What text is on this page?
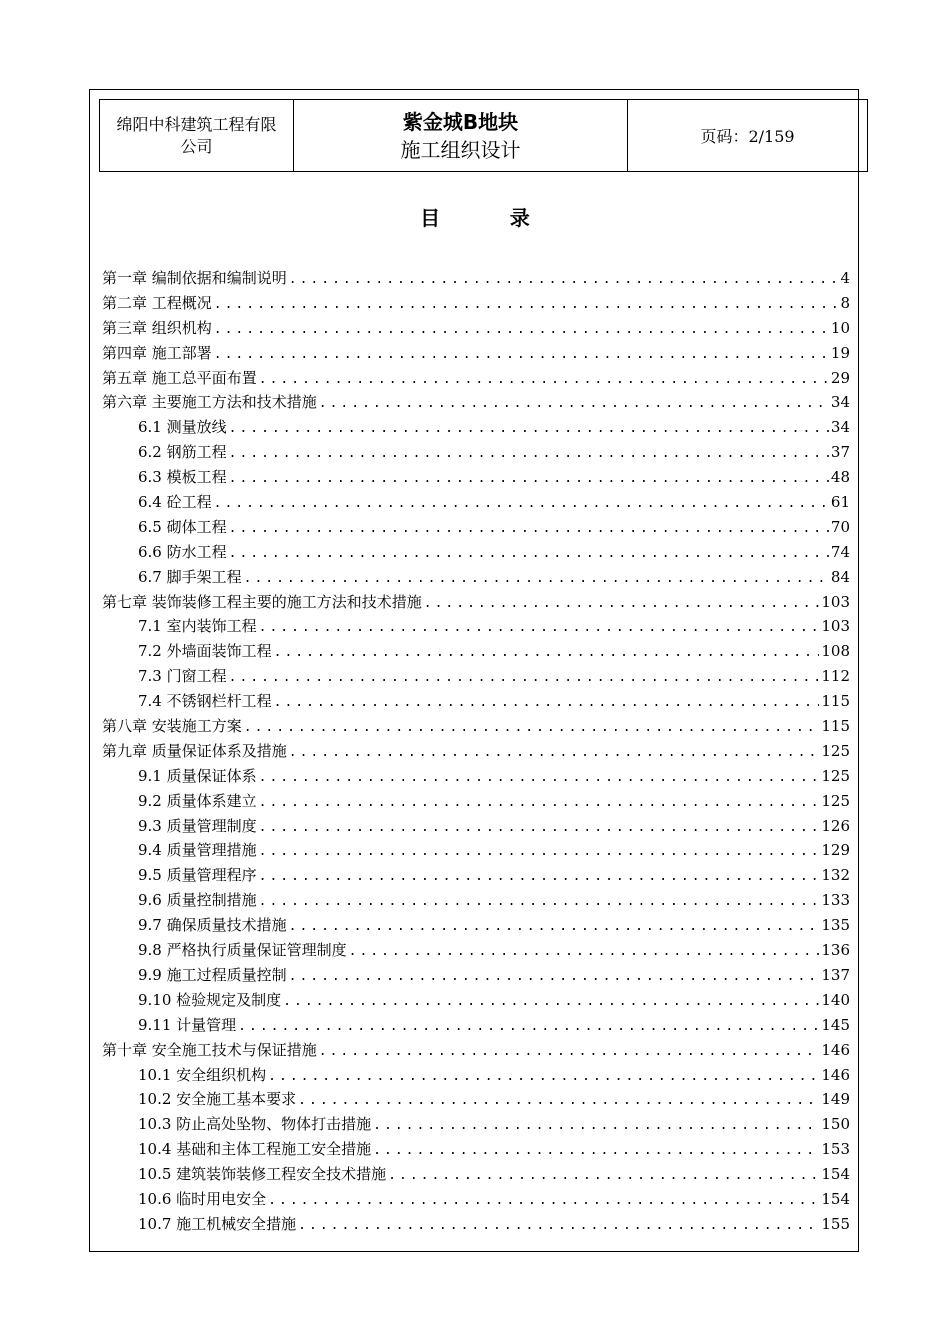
绵阳中科建筑工程有限公司	
紫金城B地块
施工组织设计
	页码：2/159
目          录
第一章 编制依据和编制说明 .....	4
第二章 工程概况 .....	8
第三章 组织机构 .....	10
第四章 施工部署 .....	19
第五章 施工总平面布置 .....	29
第六章 主要施工方法和技术措施 .....	34
6.1 测量放线 .....	34
6.2 钢筋工程 .....	37
6.3 模板工程 .....	48
6.4 砼工程 .....	61
6.5 砌体工程 .....	70
6.6 防水工程 .....	74
6.7 脚手架工程 .....	84
第七章 装饰装修工程主要的施工方法和技术措施 .....	103
7.1 室内装饰工程 .....	103
7.2 外墙面装饰工程 .....	108
7.3 门窗工程 .....	112
7.4 不锈钢栏杆工程 .....	115
第八章 安装施工方案 .....	115
第九章 质量保证体系及措施 .....	125
9.1 质量保证体系 .....	125
9.2 质量体系建立 .....	125
9.3 质量管理制度 .....	126
9.4 质量管理措施 .....	129
9.5 质量管理程序 .....	132
9.6 质量控制措施 .....	133
9.7 确保质量技术措施 .....	135
9.8 严格执行质量保证管理制度 .....	136
9.9 施工过程质量控制 .....	137
9.10 检验规定及制度 .....	140
9.11 计量管理 .....	145
第十章 安全施工技术与保证措施 .....	146
10.1 安全组织机构 .....	146
10.2 安全施工基本要求 .....	149
10.3 防止高处坠物、物体打击措施 .....	150
10.4 基础和主体工程施工安全措施 .....	153
10.5 建筑装饰装修工程安全技术措施 .....	154
10.6 临时用电安全 .....	154
10.7 施工机械安全措施 .....	155
